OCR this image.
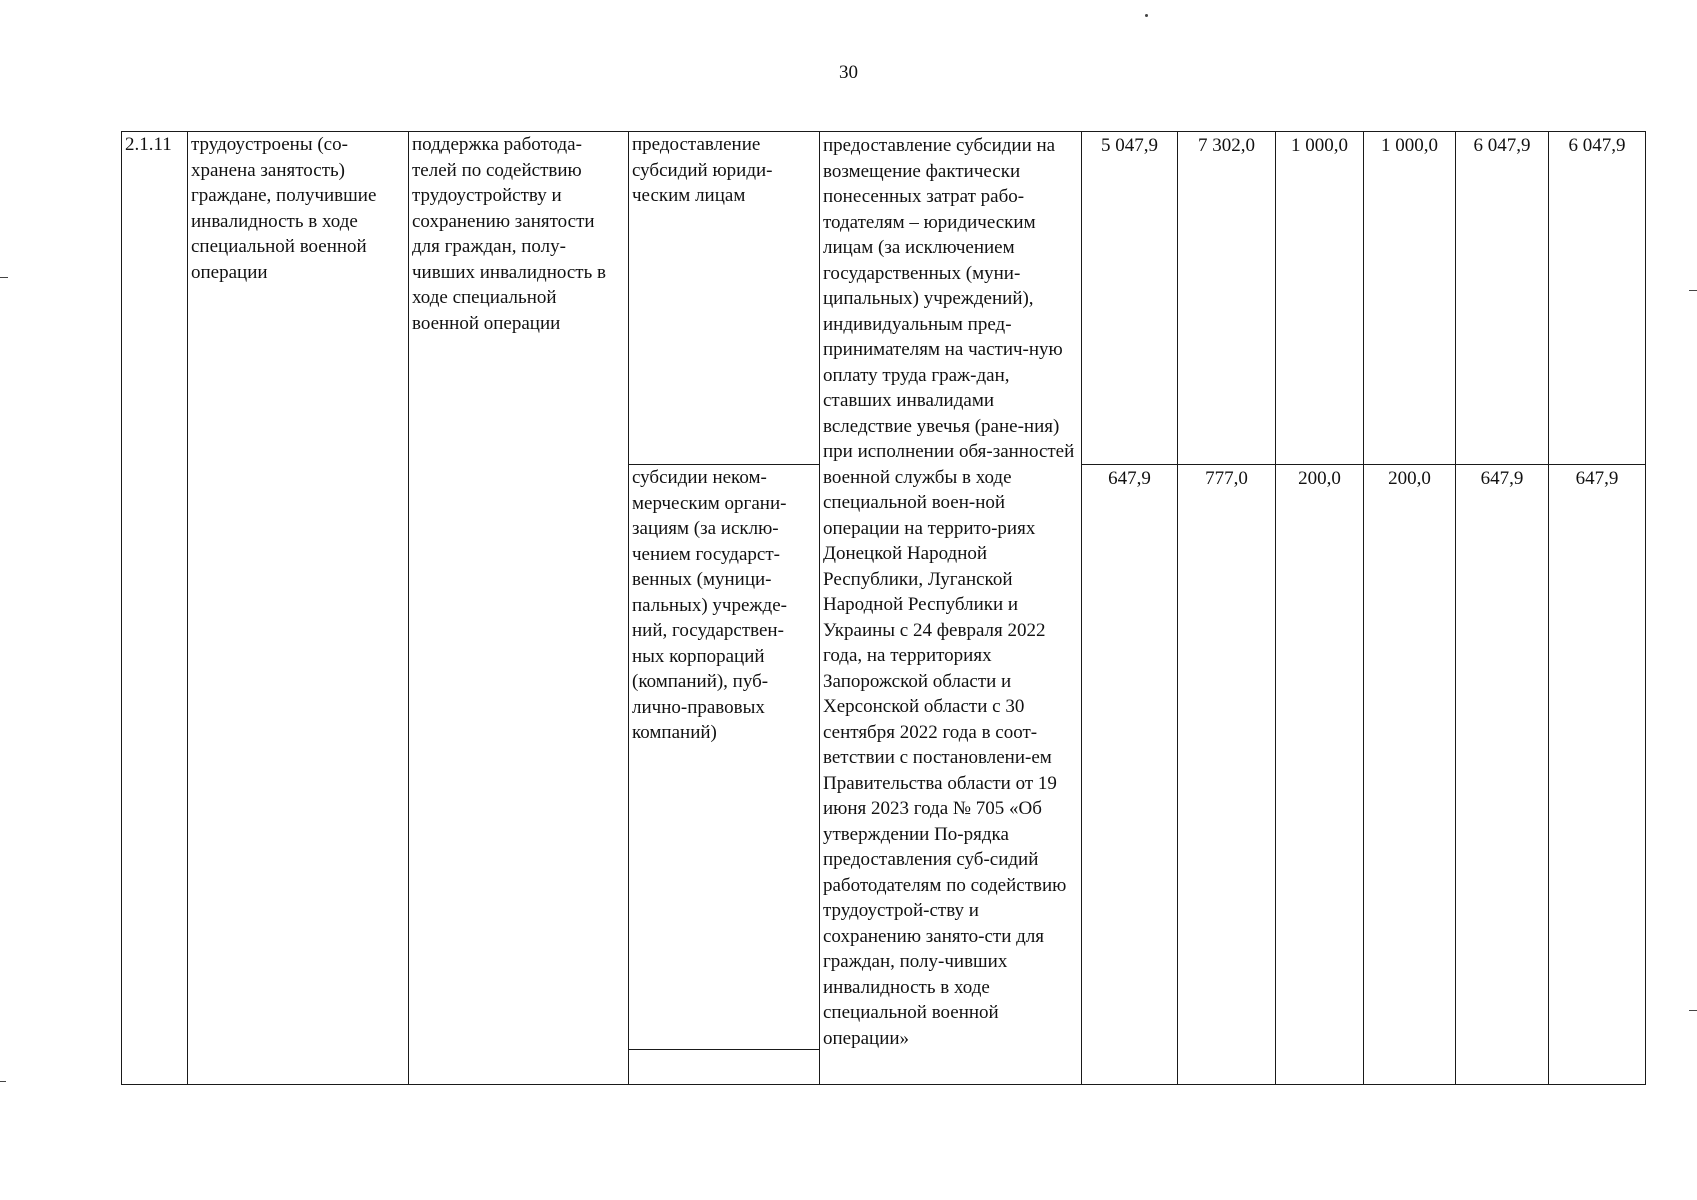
30
2.1.11	трудоустроены (со-хранена занятость) граждане, получившие инвалидность в ходе специальной военной операции	поддержка работода-телей по содействию трудоустройству и сохранению занятости для граждан, полу-чивших инвалидность в ходе специальной военной операции	предоставление субсидий юриди-ческим лицам	предоставление субсидии на возмещение фактически понесенных затрат рабо-тодателям – юридическим лицам (за исключением государственных (муни-ципальных) учреждений), индивидуальным пред-принимателям на частич-ную оплату труда граж-дан, ставших инвалидами вследствие увечья (ране-ния) при исполнении обя-занностей военной службы в ходе специальной воен-ной операции на террито-риях Донецкой Народной Республики, Луганской Народной Республики и Украины с 24 февраля 2022 года, на территориях Запорожской области и Херсонской области с 30 сентября 2022 года в соот-ветствии с постановлени-ем Правительства области от 19 июня 2023 года № 705 «Об утверждении По-рядка предоставления суб-сидий работодателям по содействию трудоустрой-ству и сохранению занято-сти для граждан, полу-чивших инвалидность в ходе специальной военной операции»	5 047,9	7 302,0	1 000,0	1 000,0	6 047,9	6 047,9
			субсидии неком-мерческим органи-зациям (за исклю-чением государст-венных (муници-пальных) учрежде-ний, государствен-ных корпораций (компаний), пуб-лично-правовых компаний)		647,9	777,0	200,0	200,0	647,9	647,9
